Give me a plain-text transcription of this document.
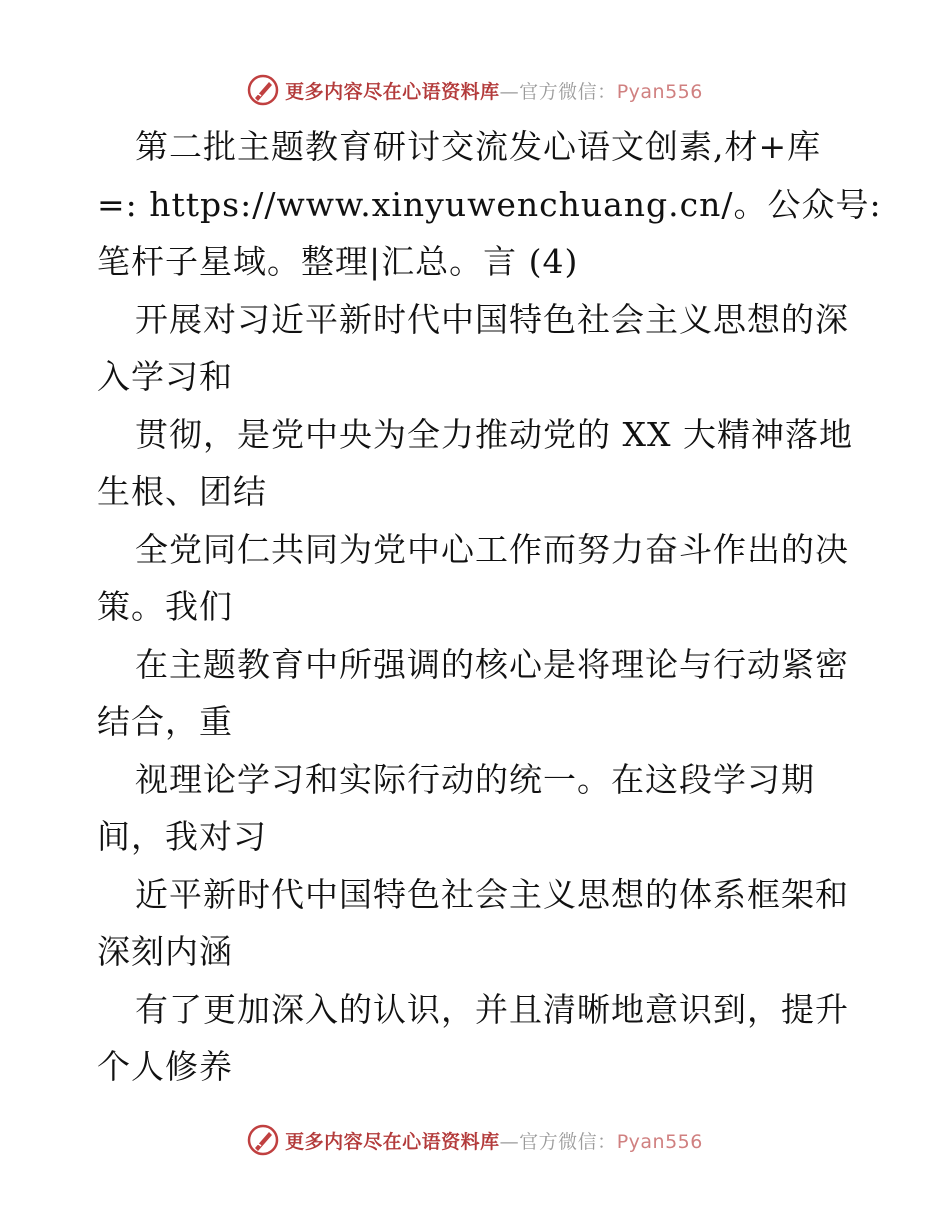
更多内容尽在心语资料库—官方微信：Pyan556
第二批主题教育研讨交流发心语文创素,材+库
=: https://www.xinyuwenchuang.cn/。公众号:
笔杆子星域。整理|汇总。言 (4)
开展对习近平新时代中国特色社会主义思想的深
入学习和
贯彻，是党中央为全力推动党的 XX 大精神落地
生根、团结
全党同仁共同为党中心工作而努力奋斗作出的决
策。我们
在主题教育中所强调的核心是将理论与行动紧密
结合，重
视理论学习和实际行动的统一。在这段学习期
间，我对习
近平新时代中国特色社会主义思想的体系框架和
深刻内涵
有了更加深入的认识，并且清晰地意识到，提升
个人修养
更多内容尽在心语资料库—官方微信：Pyan556
